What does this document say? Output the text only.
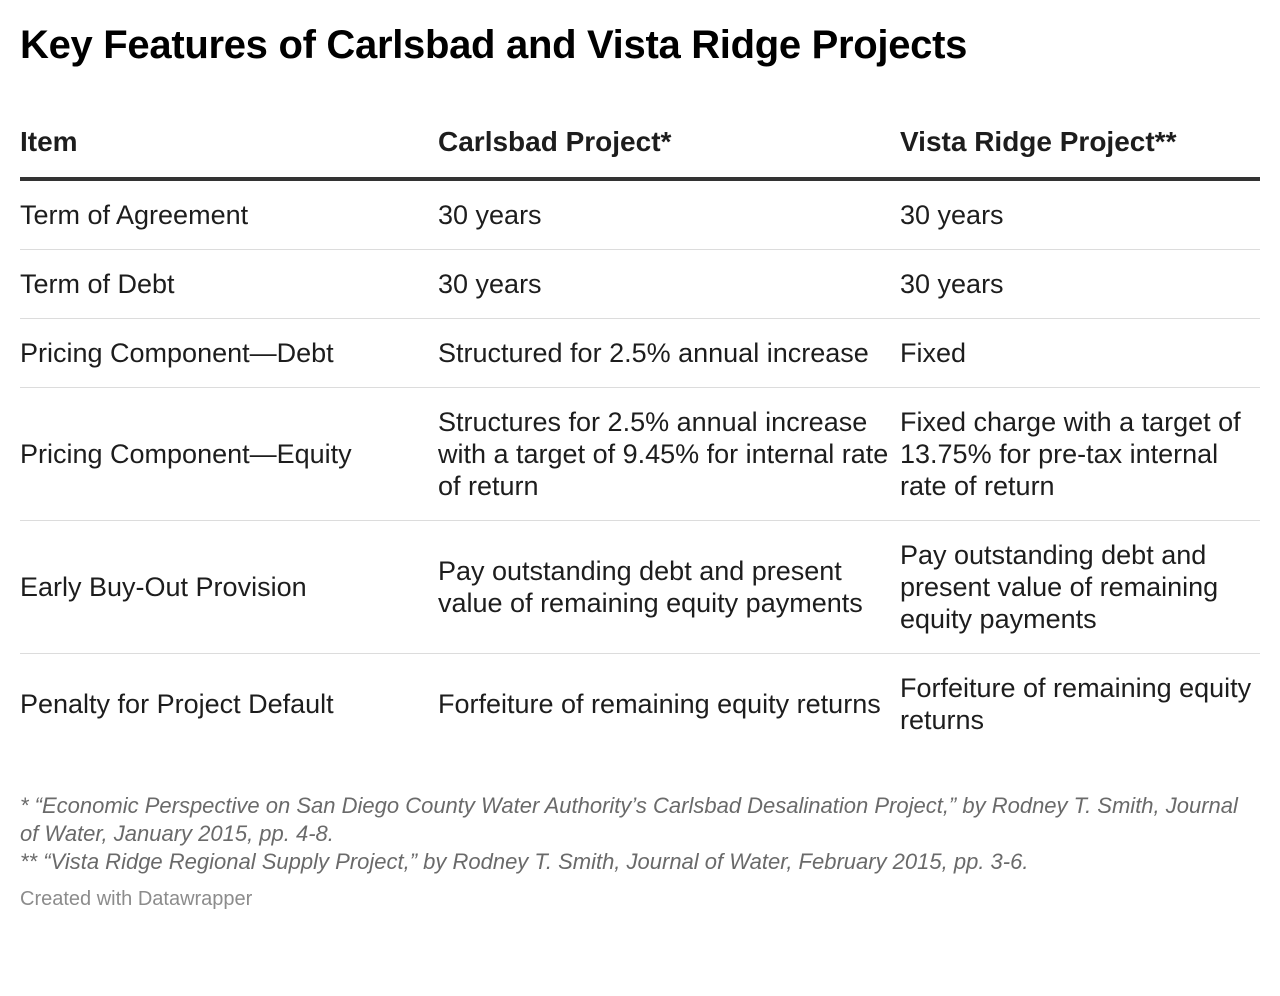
Key Features of Carlsbad and Vista Ridge Projects
Item	Carlsbad Project*	Vista Ridge Project**
Term of Agreement	30 years	30 years
Term of Debt	30 years	30 years
Pricing Component—Debt	Structured for 2.5% annual increase	Fixed
Pricing Component—Equity	Structures for 2.5% annual increase with a target of 9.45% for internal rate of return	Fixed charge with a target of 13.75% for pre-tax internal rate of return
Early Buy-Out Provision	Pay outstanding debt and present value of remaining equity payments	Pay outstanding debt and present value of remaining equity payments
Penalty for Project Default	Forfeiture of remaining equity returns	Forfeiture of remaining equity returns
* “Economic Perspective on San Diego County Water Authority’s Carlsbad Desalination Project,” by Rodney T. Smith, Journal of Water, January 2015, pp. 4-8.
** “Vista Ridge Regional Supply Project,” by Rodney T. Smith, Journal of Water, February 2015, pp. 3-6.
Created with Datawrapper
